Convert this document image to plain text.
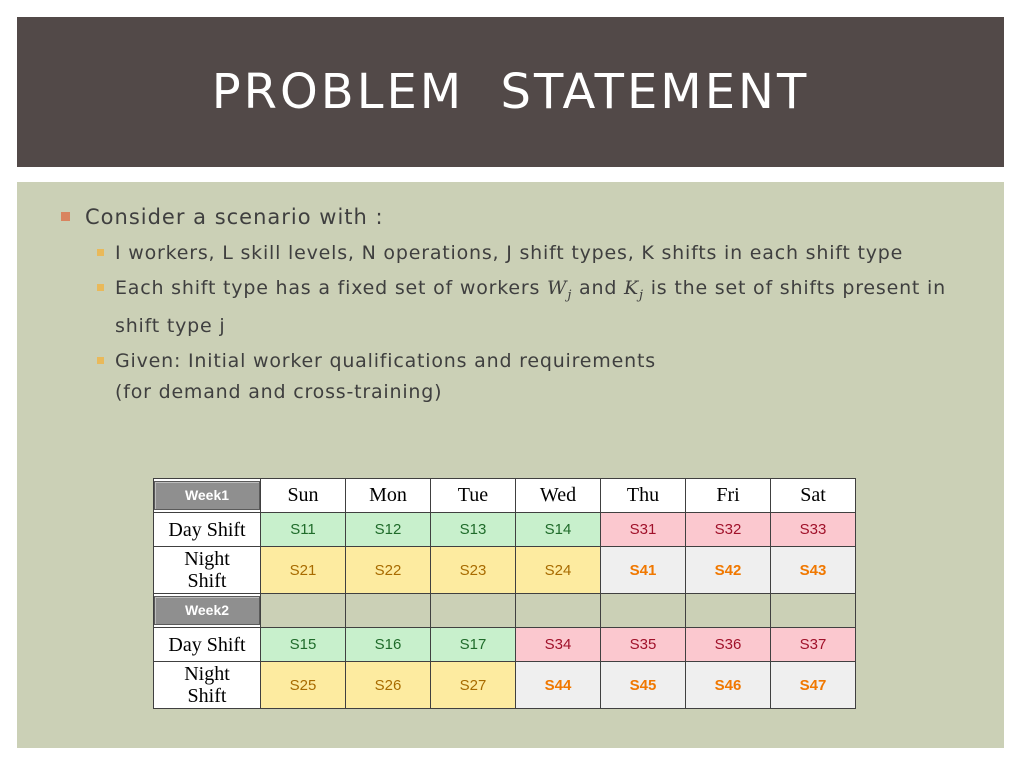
PROBLEM STATEMENT
Consider a scenario with :
I workers, L skill levels, N operations, J shift types, K shifts in each shift type
Each shift type has a fixed set of workers $W_j$ and $K_j$ is the set of shifts present in shift type j
Given: Initial worker qualifications and requirements
(for demand and cross-training)
Week1	Sun	Mon	Tue	Wed	Thu	Fri	Sat
Day Shift	S11	S12	S13	S14	S31	S32	S33

Night
Shift	S21	S22	S23	S24	S41	S42	S43

Week2							

Day Shift	S15	S16	S17	S34	S35	S36	S37

Night
Shift	S25	S26	S27	S44	S45	S46	S47
